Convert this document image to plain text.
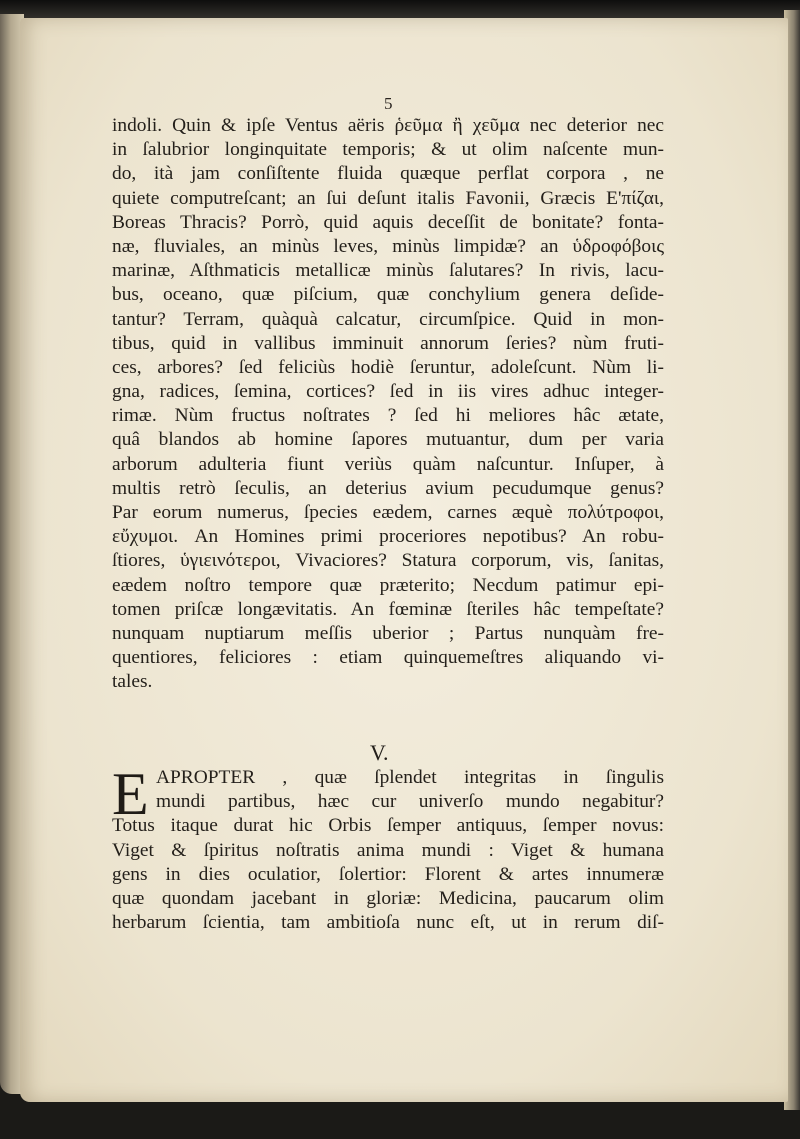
5
indoli. Quin & ipſe Ventus aëris ῥεῦμα ἢ χεῦμα nec deterior nec
in ſalubrior longinquitate temporis; & ut olim naſcente mun-
do, ità jam conſiſtente fluida quæque perflat corpora , ne
quiete computreſcant; an ſui deſunt italis Favonii, Græcis E'πίζαι,
Boreas Thracis? Porrò, quid aquis deceſſit de bonitate? fonta-
næ, fluviales, an minùs leves, minùs limpidæ? an ὑδροφόβοις
marinæ, Aſthmaticis metallicæ minùs ſalutares? In rivis, lacu-
bus, oceano, quæ piſcium, quæ conchylium genera deſide-
tantur? Terram, quàquà calcatur, circumſpice. Quid in mon-
tibus, quid in vallibus imminuit annorum ſeries? nùm fruti-
ces, arbores? ſed feliciùs hodiè ſeruntur, adoleſcunt. Nùm li-
gna, radices, ſemina, cortices? ſed in iis vires adhuc integer-
rimæ. Nùm fructus noſtrates ? ſed hi meliores hâc ætate,
quâ blandos ab homine ſapores mutuantur, dum per varia
arborum adulteria fiunt veriùs quàm naſcuntur. Inſuper, à
multis retrò ſeculis, an deterius avium pecudumque genus?
Par eorum numerus, ſpecies eædem, carnes æquè πολύτροφοι,
εὔχυμοι. An Homines primi proceriores nepotibus? An robu-
ſtiores, ὑγιεινότεροι, Vivaciores? Statura corporum, vis, ſanitas,
eædem noſtro tempore quæ præterito; Necdum patimur epi-
tomen priſcæ longævitatis. An fœminæ ſteriles hâc tempeſtate?
nunquam nuptiarum meſſis uberior ; Partus nunquàm fre-
quentiores, feliciores : etiam quinquemeſtres aliquando vi-
tales.
V.
E APROPTER , quæ ſplendet integritas in ſingulis
mundi partibus, hæc cur univerſo mundo negabitur?
Totus itaque durat hic Orbis ſemper antiquus, ſemper novus:
Viget & ſpiritus noſtratis anima mundi : Viget & humana
gens in dies oculatior, ſolertior: Florent & artes innumeræ
quæ quondam jacebant in gloriæ: Medicina, paucarum olim
herbarum ſcientia, tam ambitioſa nunc eſt, ut in rerum diſ-
